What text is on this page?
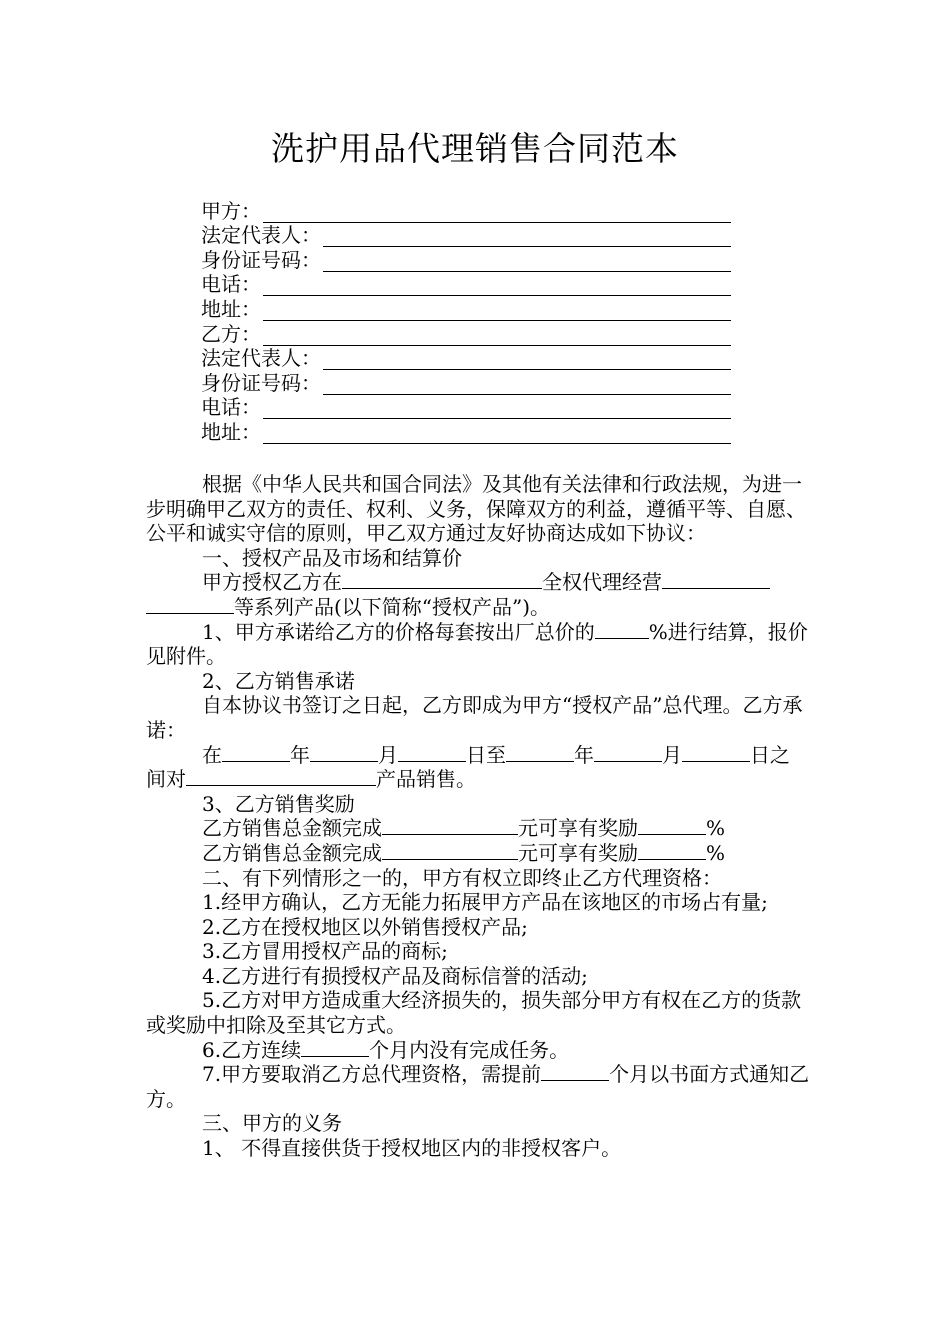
洗护用品代理销售合同范本
甲方：
法定代表人：
身份证号码：
电话：
地址：
乙方：
法定代表人：
身份证号码：
电话：
地址：

根据《中华人民共和国合同法》及其他有关法律和行政法规，为进一步明确甲乙双方的责任、权利、义务，保障双方的利益，遵循平等、自愿、公平和诚实守信的原则，甲乙双方通过友好协商达成如下协议：

一、授权产品及市场和结算价

甲方授权乙方在	全权代理经营等系列产品(以下简称“授权产品”)。

1、甲方承诺给乙方的价格每套按出厂总价的	%进行结算，报价见附件。

2、乙方销售承诺

自本协议书签订之日起，乙方即成为甲方“授权产品”总代理。乙方承诺：

在	年	月	日至	年	月	日之
间对	产品销售。

3、乙方销售奖励

乙方销售总金额完成	元可享有奖励	%

乙方销售总金额完成	元可享有奖励	%

二、有下列情形之一的，甲方有权立即终止乙方代理资格：

1.经甲方确认，乙方无能力拓展甲方产品在该地区的市场占有量;

2.乙方在授权地区以外销售授权产品;

3.乙方冒用授权产品的商标;

4.乙方进行有损授权产品及商标信誉的活动;

5.乙方对甲方造成重大经济损失的，损失部分甲方有权在乙方的货款或奖励中扣除及至其它方式。

6.乙方连续	个月内没有完成任务。

7.甲方要取消乙方总代理资格，需提前	个月以书面方式通知乙方。

三、甲方的义务

1、 不得直接供货于授权地区内的非授权客户。
